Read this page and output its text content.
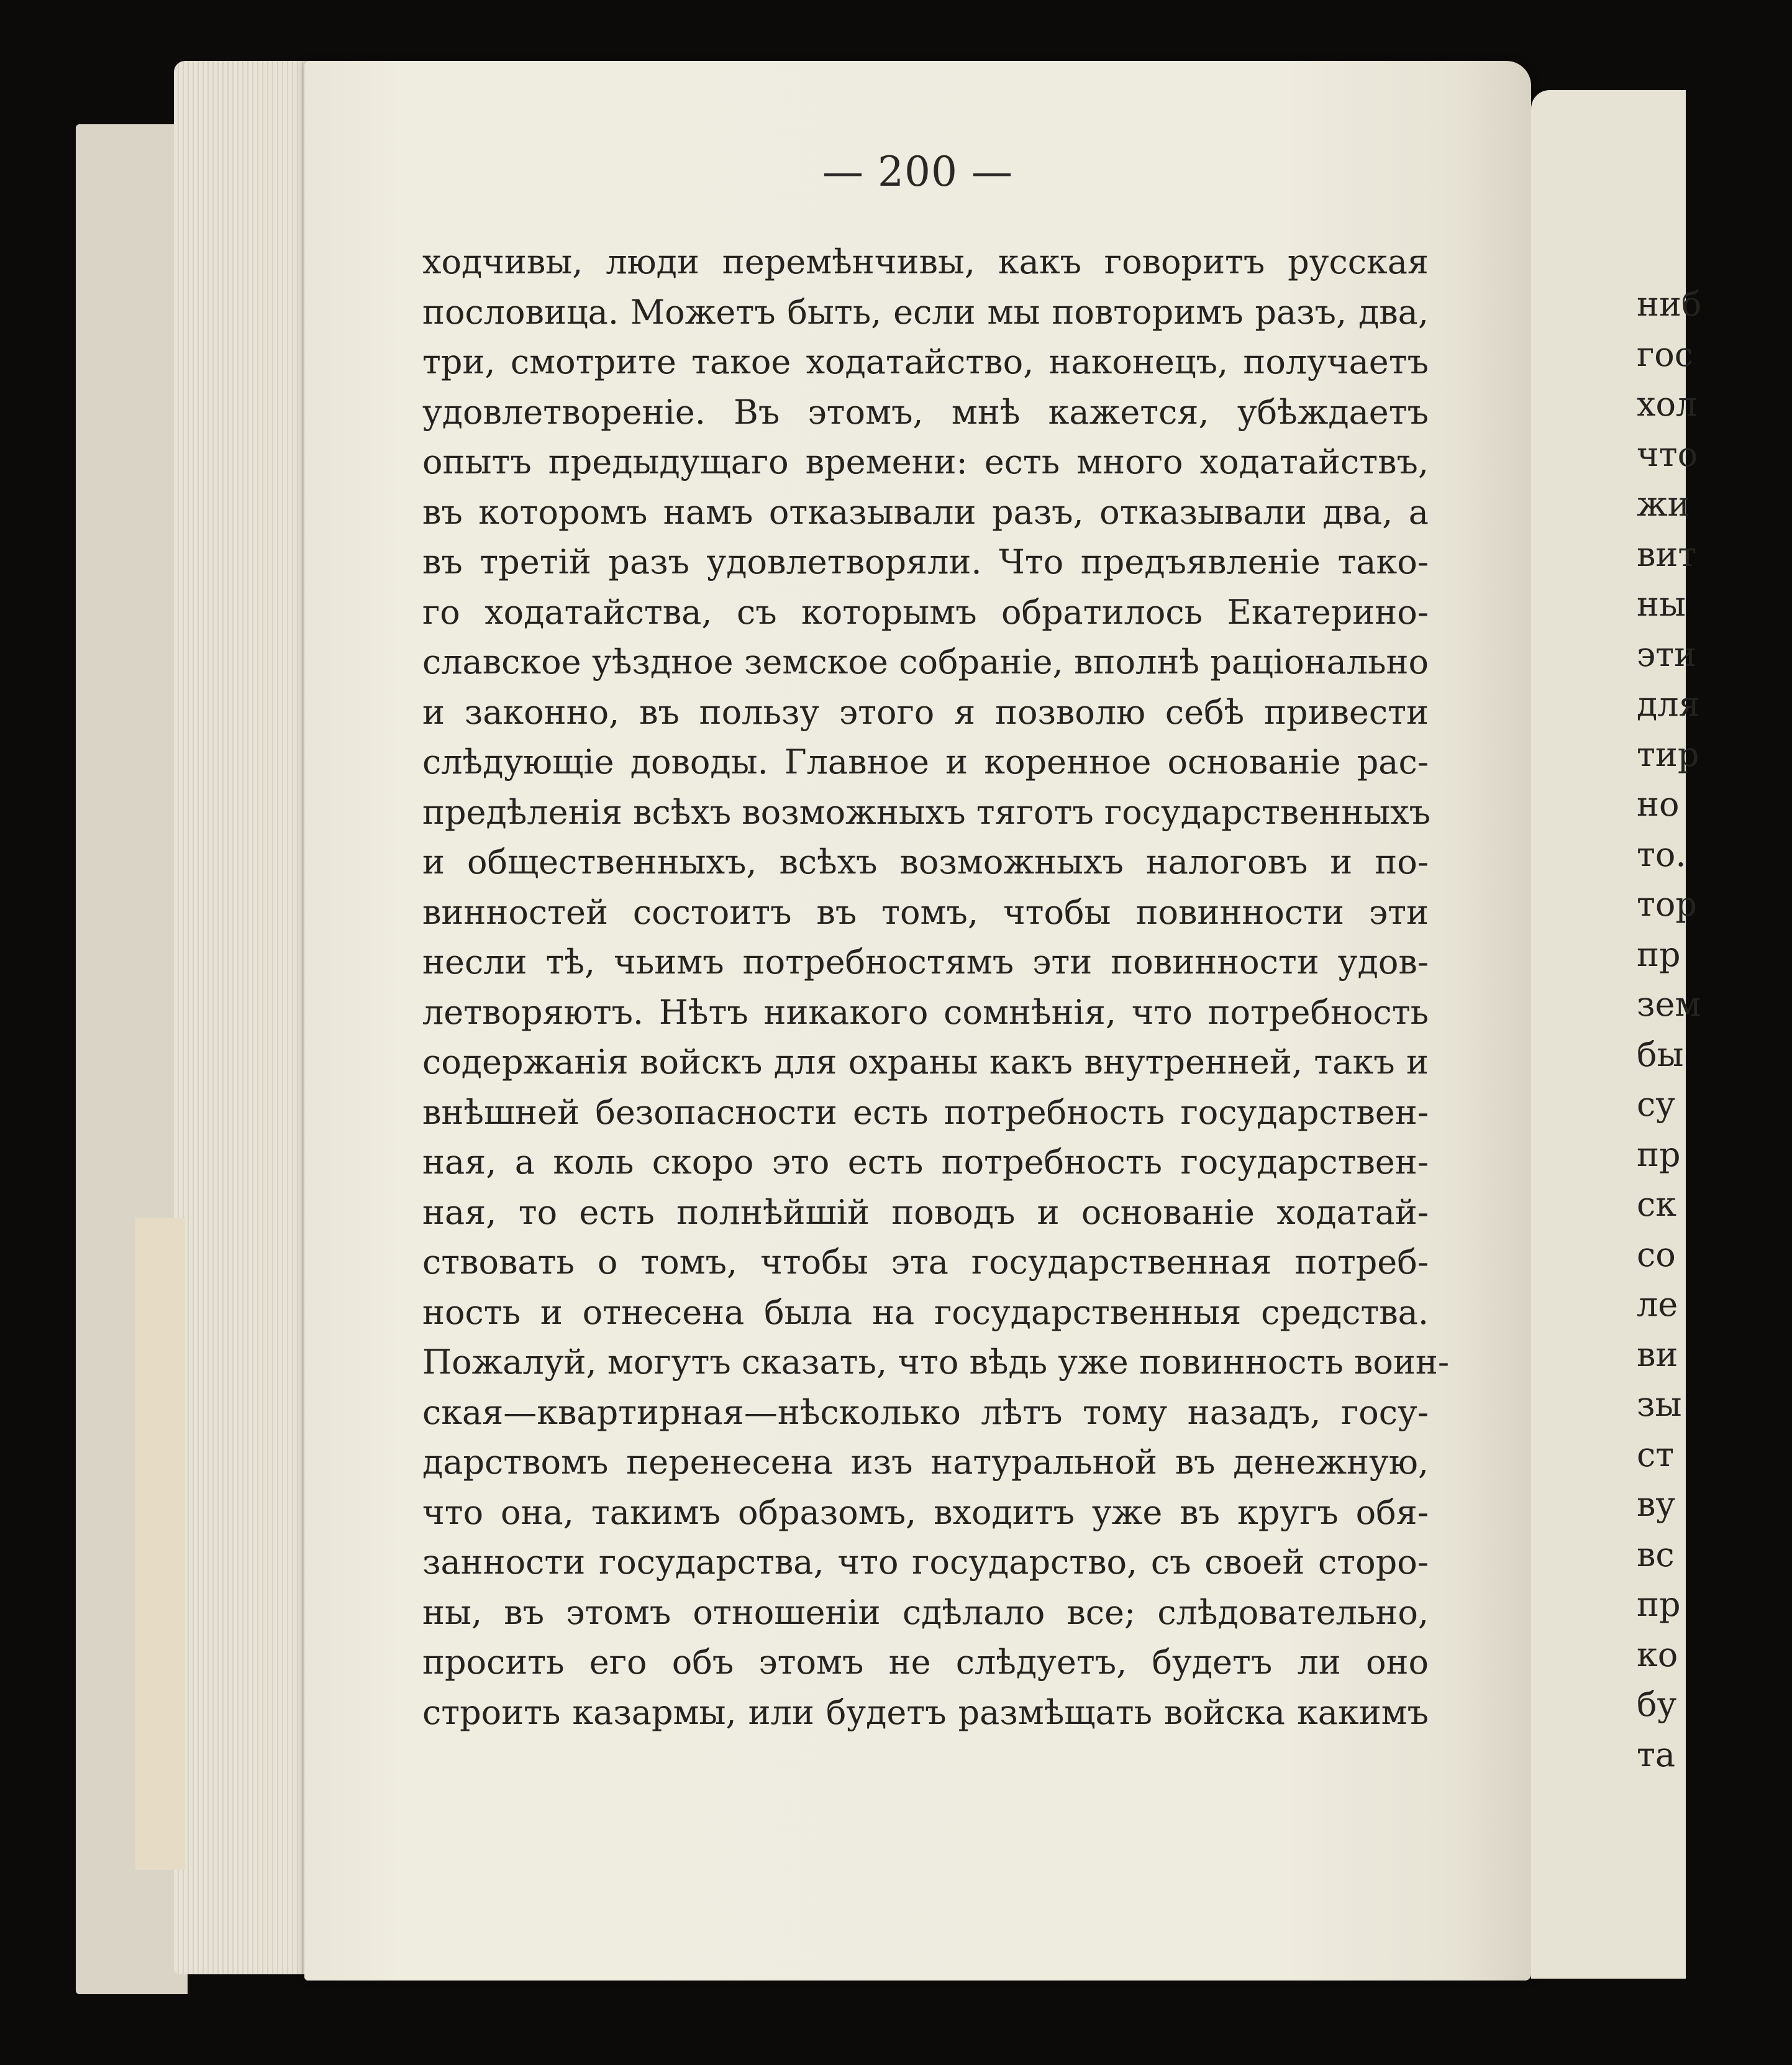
— 200 —
ходчивы, люди перемѣнчивы, какъ говоритъ русская
пословица. Можетъ быть, если мы повторимъ разъ, два,
три, смотрите такое ходатайство, наконецъ, получаетъ
удовлетвореніе. Въ этомъ, мнѣ кажется, убѣждаетъ
опытъ предыдущаго времени: есть много ходатайствъ,
въ которомъ намъ отказывали разъ, отказывали два, а
въ третій разъ удовлетворяли. Что предъявленіе тако-
го ходатайства, съ которымъ обратилось Екатерино-
славское уѣздное земское собраніе, вполнѣ раціонально
и законно, въ пользу этого я позволю себѣ привести
слѣдующіе доводы. Главное и коренное основаніе рас-
предѣленія всѣхъ возможныхъ тяготъ государственныхъ
и общественныхъ, всѣхъ возможныхъ налоговъ и по-
винностей состоитъ въ томъ, чтобы повинности эти
несли тѣ, чьимъ потребностямъ эти повинности удов-
летворяютъ. Нѣтъ никакого сомнѣнія, что потребность
содержанія войскъ для охраны какъ внутренней, такъ и
внѣшней безопасности есть потребность государствен-
ная, а коль скоро это есть потребность государствен-
ная, то есть полнѣйшій поводъ и основаніе ходатай-
ствовать о томъ, чтобы эта государственная потреб-
ность и отнесена была на государственныя средства.
Пожалуй, могутъ сказать, что вѣдь уже повинность воин-
ская—квартирная—нѣсколько лѣтъ тому назадъ, госу-
дарствомъ перенесена изъ натуральной въ денежную,
что она, такимъ образомъ, входитъ уже въ кругъ обя-
занности государства, что государство, съ своей сторо-
ны, въ этомъ отношеніи сдѣлало все; слѣдовательно,
просить его объ этомъ не слѣдуетъ, будетъ ли оно
строить казармы, или будетъ размѣщать войска какимъ
ниб
гос
хол
что
жи
вит
ны
эти
для
тир
но
то.
тор
пр
зем
бы
су
пр
ск
со
ле
ви
зы
ст
ву
вс
пр
ко
бу
та
